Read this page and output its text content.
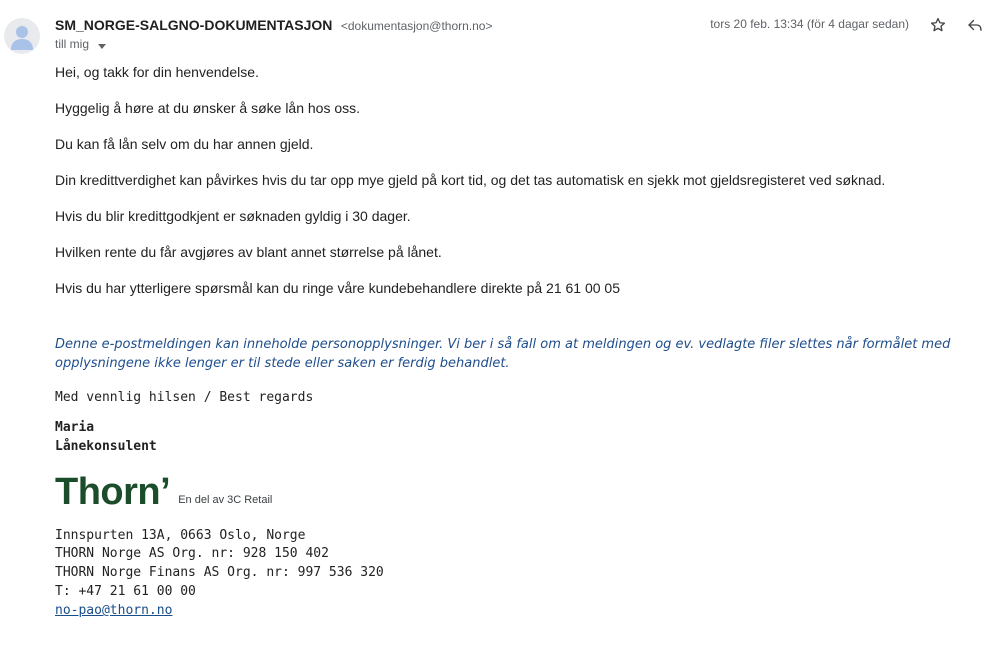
SM_NORGE-SALGNO-DOKUMENTASJON <dokumentasjon@thorn.no>
till mig
tors 20 feb. 13:34 (för 4 dagar sedan)
Hei, og takk for din henvendelse.
Hyggelig å høre at du ønsker å søke lån hos oss.
Du kan få lån selv om du har annen gjeld.
Din kredittverdighet kan påvirkes hvis du tar opp mye gjeld på kort tid, og det tas automatisk en sjekk mot gjeldsregisteret ved søknad.
Hvis du blir kredittgodkjent er søknaden gyldig i 30 dager.
Hvilken rente du får avgjøres av blant annet størrelse på lånet.
Hvis du har ytterligere spørsmål kan du ringe våre kundebehandlere direkte på 21 61 00 05
Denne e-postmeldingen kan inneholde personopplysninger. Vi ber i så fall om at meldingen og ev. vedlagte filer slettes når formålet med opplysningene ikke lenger er til stede eller saken er ferdig behandlet.
Med vennlig hilsen / Best regards
Maria
Lånekonsulent
Thorn’ En del av 3C Retail
Innspurten 13A, 0663 Oslo, Norge
THORN Norge AS Org. nr: 928 150 402
THORN Norge Finans AS Org. nr: 997 536 320
T: +47 21 61 00 00
no-pao@thorn.no
